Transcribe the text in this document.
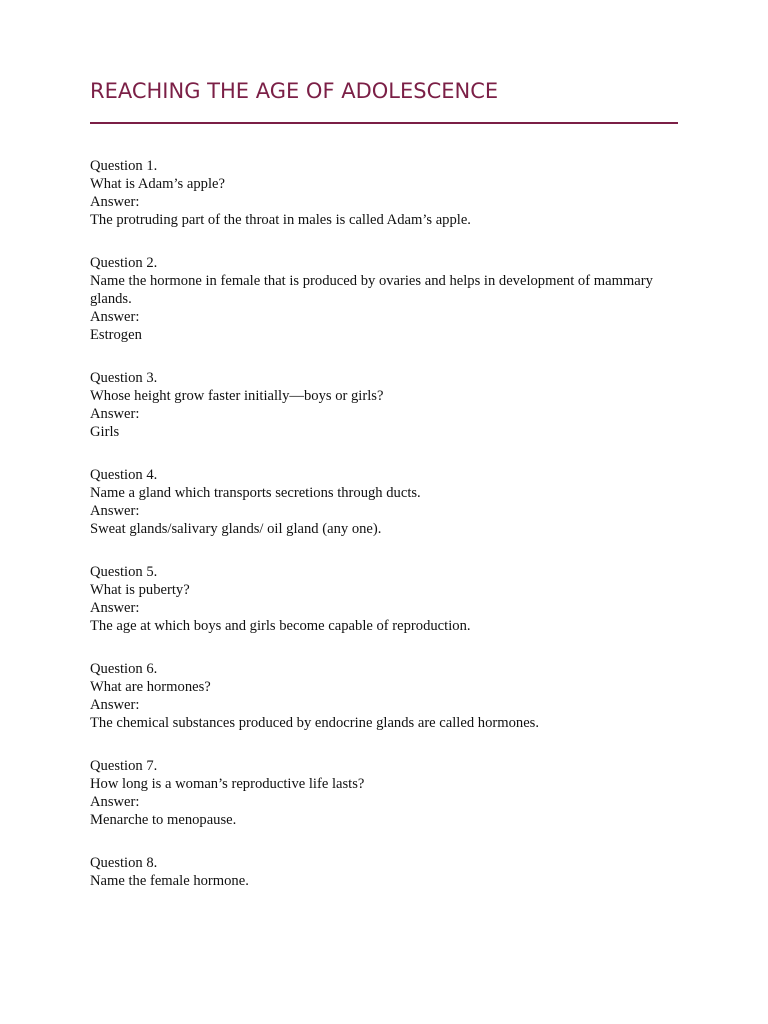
REACHING THE AGE OF ADOLESCENCE
Question 1.
What is Adam’s apple?
Answer:
The protruding part of the throat in males is called Adam’s apple.
Question 2.
Name the hormone in female that is produced by ovaries and helps in development of mammary glands.
Answer:
Estrogen
Question 3.
Whose height grow faster initially—boys or girls?
Answer:
Girls
Question 4.
Name a gland which transports secretions through ducts.
Answer:
Sweat glands/salivary glands/ oil gland (any one).
Question 5.
What is puberty?
Answer:
The age at which boys and girls become capable of reproduction.
Question 6.
What are hormones?
Answer:
The chemical substances produced by endocrine glands are called hormones.
Question 7.
How long is a woman’s reproductive life lasts?
Answer:
Menarche to menopause.
Question 8.
Name the female hormone.
